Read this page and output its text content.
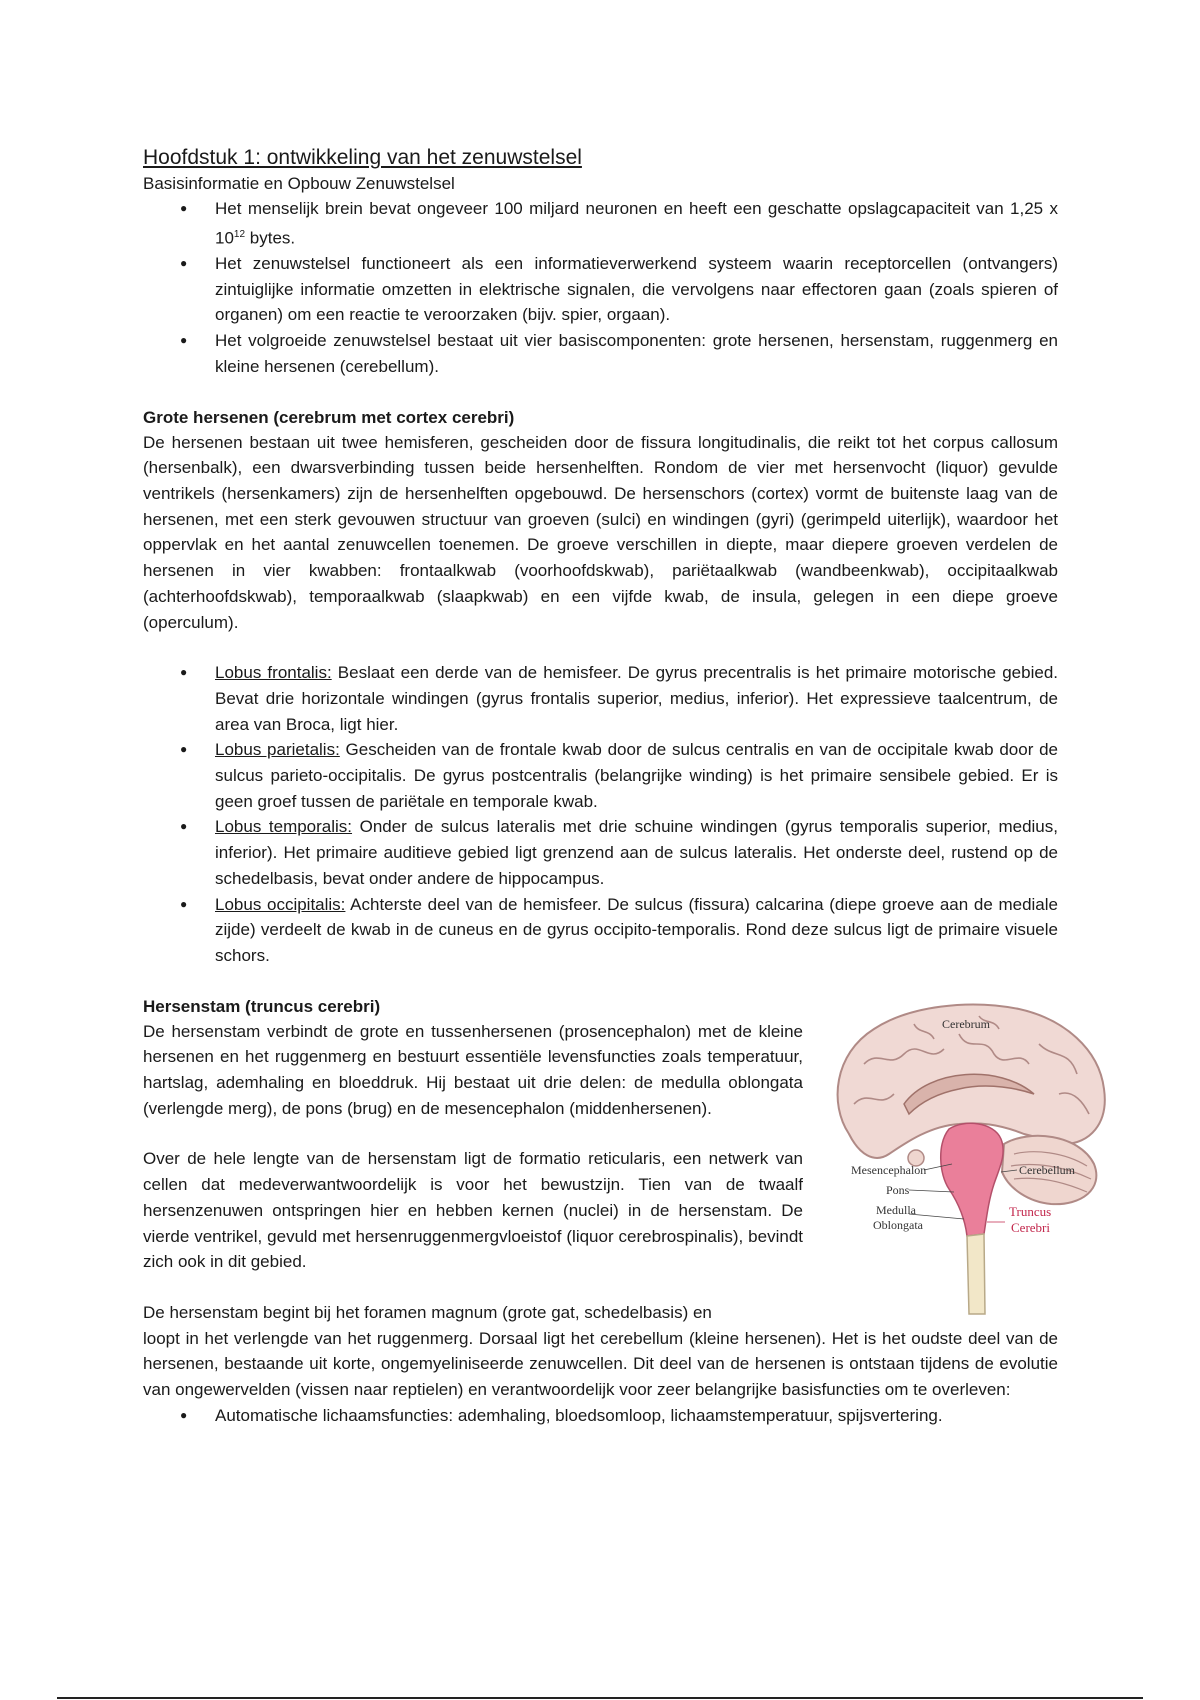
Hoofdstuk 1: ontwikkeling van het zenuwstelsel
Basisinformatie en Opbouw Zenuwstelsel
● Het menselijk brein bevat ongeveer 100 miljard neuronen en heeft een geschatte opslagcapaciteit van 1,25 x $10^{12}$ bytes.
● Het zenuwstelsel functioneert als een informatieverwerkend systeem waarin receptorcellen (ontvangers) zintuiglijke informatie omzetten in elektrische signalen, die vervolgens naar effectoren gaan (zoals spieren of organen) om een reactie te veroorzaken (bijv. spier, orgaan).
● Het volgroeide zenuwstelsel bestaat uit vier basiscomponenten: grote hersenen, hersenstam, ruggenmerg en kleine hersenen (cerebellum).
Grote hersenen (cerebrum met cortex cerebri)

De hersenen bestaan uit twee hemisferen, gescheiden door de fissura longitudinalis, die reikt tot het corpus callosum (hersenbalk), een dwarsverbinding tussen beide hersenhelften. Rondom de vier met hersenvocht (liquor) gevulde ventrikels (hersenkamers) zijn de hersenhelften opgebouwd. De hersenschors (cortex) vormt de buitenste laag van de hersenen, met een sterk gevouwen structuur van groeven (sulci) en windingen (gyri) (gerimpeld uiterlijk), waardoor het oppervlak en het aantal zenuwcellen toenemen. De groeve verschillen in diepte, maar diepere groeven verdelen de hersenen in vier kwabben: frontaalkwab (voorhoofdskwab), pariëtaalkwab (wandbeenkwab), occipitaalkwab (achterhoofdskwab), temporaalkwab (slaapkwab) en een vijfde kwab, de insula, gelegen in een diepe groeve (operculum).

● Lobus frontalis: Beslaat een derde van de hemisfeer. De gyrus precentralis is het primaire motorische gebied. Bevat drie horizontale windingen (gyrus frontalis superior, medius, inferior). Het expressieve taalcentrum, de area van Broca, ligt hier.
● Lobus parietalis: Gescheiden van de frontale kwab door de sulcus centralis en van de occipitale kwab door de sulcus parieto-occipitalis. De gyrus postcentralis (belangrijke winding) is het primaire sensibele gebied. Er is geen groef tussen de pariëtale en temporale kwab.
● Lobus temporalis: Onder de sulcus lateralis met drie schuine windingen (gyrus temporalis superior, medius, inferior). Het primaire auditieve gebied ligt grenzend aan de sulcus lateralis. Het onderste deel, rustend op de schedelbasis, bevat onder andere de hippocampus.
● Lobus occipitalis: Achterste deel van de hemisfeer. De sulcus (fissura) calcarina (diepe groeve aan de mediale zijde) verdeelt de kwab in de cuneus en de gyrus occipito-temporalis. Rond deze sulcus ligt de primaire visuele schors.
Hersenstam (truncus cerebri)

De hersenstam verbindt de grote en tussenhersenen (prosencephalon) met de kleine hersenen en het ruggenmerg en bestuurt essentiële levensfuncties zoals temperatuur, hartslag, ademhaling en bloeddruk. Hij bestaat uit drie delen: de medulla oblongata (verlengde merg), de pons (brug) en de mesencephalon (middenhersenen).

Over de hele lengte van de hersenstam ligt de formatio reticularis, een netwerk van cellen dat medeverwantwoordelijk is voor het bewustzijn. Tien van de twaalf hersenzenuwen ontspringen hier en hebben kernen (nuclei) in de hersenstam. De vierde ventrikel, gevuld met hersenruggenmergvloeistof (liquor cerebrospinalis), bevindt zich ook in dit gebied.

De hersenstam begint bij het foramen magnum (grote gat, schedelbasis) en

Cerebrum
Mesencephalon
Pons
Medulla
Oblongata
Cerebellum
Truncus
Cerebri

loopt in het verlengde van het ruggenmerg. Dorsaal ligt het cerebellum (kleine hersenen). Het is het oudste deel van de hersenen, bestaande uit korte, ongemyeliniseerde zenuwcellen. Dit deel van de hersenen is ontstaan tijdens de evolutie van ongewervelden (vissen naar reptielen) en verantwoordelijk voor zeer belangrijke basisfuncties om te overleven:

● Automatische lichaamsfuncties: ademhaling, bloedsomloop, lichaamstemperatuur, spijsvertering.
